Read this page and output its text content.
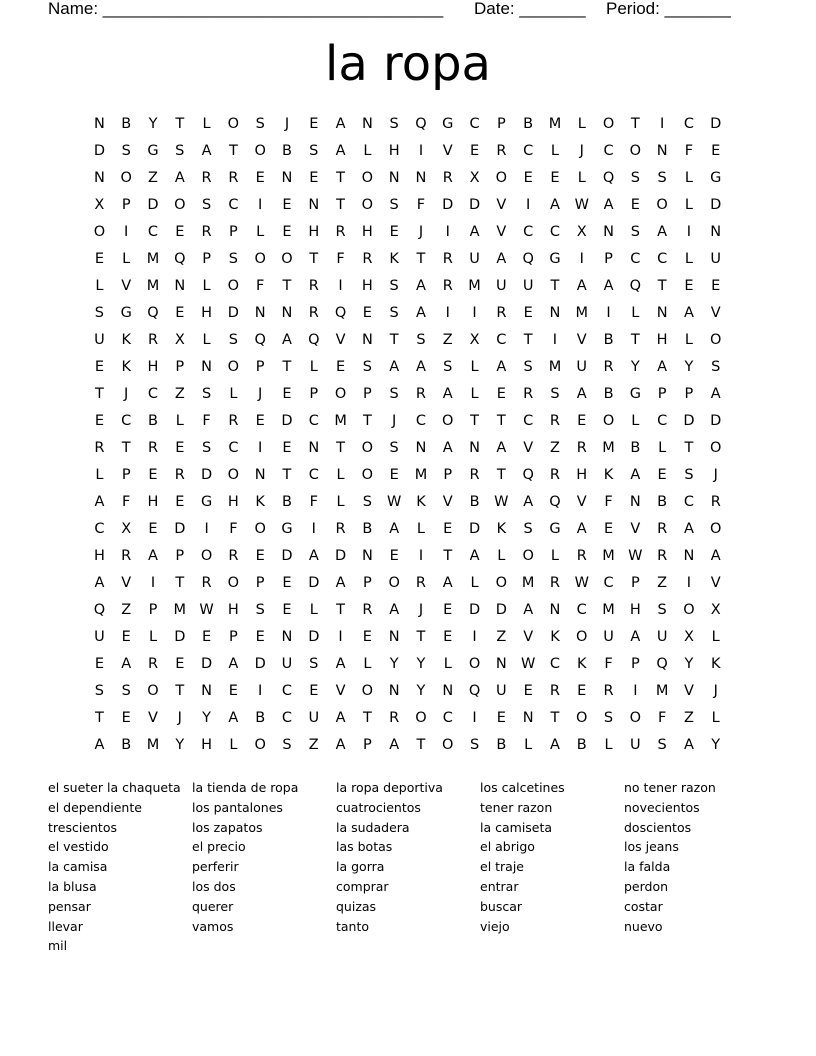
Name: ____________________________________ Date: _______ Period: _______
la ropa
N	B	Y	T	L	O	S	J	E	A	N	S	Q	G	C	P	B	M	L	O	T	I	C	D
D	S	G	S	A	T	O	B	S	A	L	H	I	V	E	R	C	L	J	C	O	N	F	E
N	O	Z	A	R	R	E	N	E	T	O	N	N	R	X	O	E	E	L	Q	S	S	L	G
X	P	D	O	S	C	I	E	N	T	O	S	F	D	D	V	I	A	W	A	E	O	L	D
O	I	C	E	R	P	L	E	H	R	H	E	J	I	A	V	C	C	X	N	S	A	I	N
E	L	M	Q	P	S	O	O	T	F	R	K	T	R	U	A	Q	G	I	P	C	C	L	U
L	V	M	N	L	O	F	T	R	I	H	S	A	R	M	U	U	T	A	A	Q	T	E	E
S	G	Q	E	H	D	N	N	R	Q	E	S	A	I	I	R	E	N	M	I	L	N	A	V
U	K	R	X	L	S	Q	A	Q	V	N	T	S	Z	X	C	T	I	V	B	T	H	L	O
E	K	H	P	N	O	P	T	L	E	S	A	A	S	L	A	S	M	U	R	Y	A	Y	S
T	J	C	Z	S	L	J	E	P	O	P	S	R	A	L	E	R	S	A	B	G	P	P	A
E	C	B	L	F	R	E	D	C	M	T	J	C	O	T	T	C	R	E	O	L	C	D	D
R	T	R	E	S	C	I	E	N	T	O	S	N	A	N	A	V	Z	R	M	B	L	T	O
L	P	E	R	D	O	N	T	C	L	O	E	M	P	R	T	Q	R	H	K	A	E	S	J
A	F	H	E	G	H	K	B	F	L	S	W	K	V	B	W	A	Q	V	F	N	B	C	R
C	X	E	D	I	F	O	G	I	R	B	A	L	E	D	K	S	G	A	E	V	R	A	O
H	R	A	P	O	R	E	D	A	D	N	E	I	T	A	L	O	L	R	M W	R	N	A
A	V	I	T	R	O	P	E	D	A	P	O	R	A	L	O	M	R	W	C	P	Z	I	V
Q	Z	P	M W H	S	E	L	T	R	A	J	E	D	D	A	N	C	M	H	S	O	X
U	E	L	D	E	P	E	N	D	I	E	N	T	E	I	Z	V	K	O	U	A	U	X	L
E	A	R	E	D	A	D	U	S	A	L	Y	Y	L	O	N W	C	K	F	P	Q	Y	K
S	S	O	T	N	E	I	C	E	V	O	N	Y	N	Q	U	E	R	E	R	I	M	V	J
T	E	V	J	Y	A	B	C	U	A	T	R	O	C	I	E	N	T	O	S	O	F	Z	L
A	B	M	Y	H	L	O	S	Z	A	P	A	T	O	S	B	L	A	B	L	U	S	A	Y
el sueter la chaqueta
el dependiente
trescientos
el vestido
la camisa
la blusa
pensar
llevar
mil
la tienda de ropa
los pantalones
los zapatos
el precio
perferir
los dos
querer
vamos
la ropa deportiva
cuatrocientos
la sudadera
las botas
la gorra
comprar
quizas
tanto
los calcetines
tener razon
la camiseta
el abrigo
el traje
entrar
buscar
viejo
no tener razon
novecientos
doscientos
los jeans
la falda
perdon
costar
nuevo
